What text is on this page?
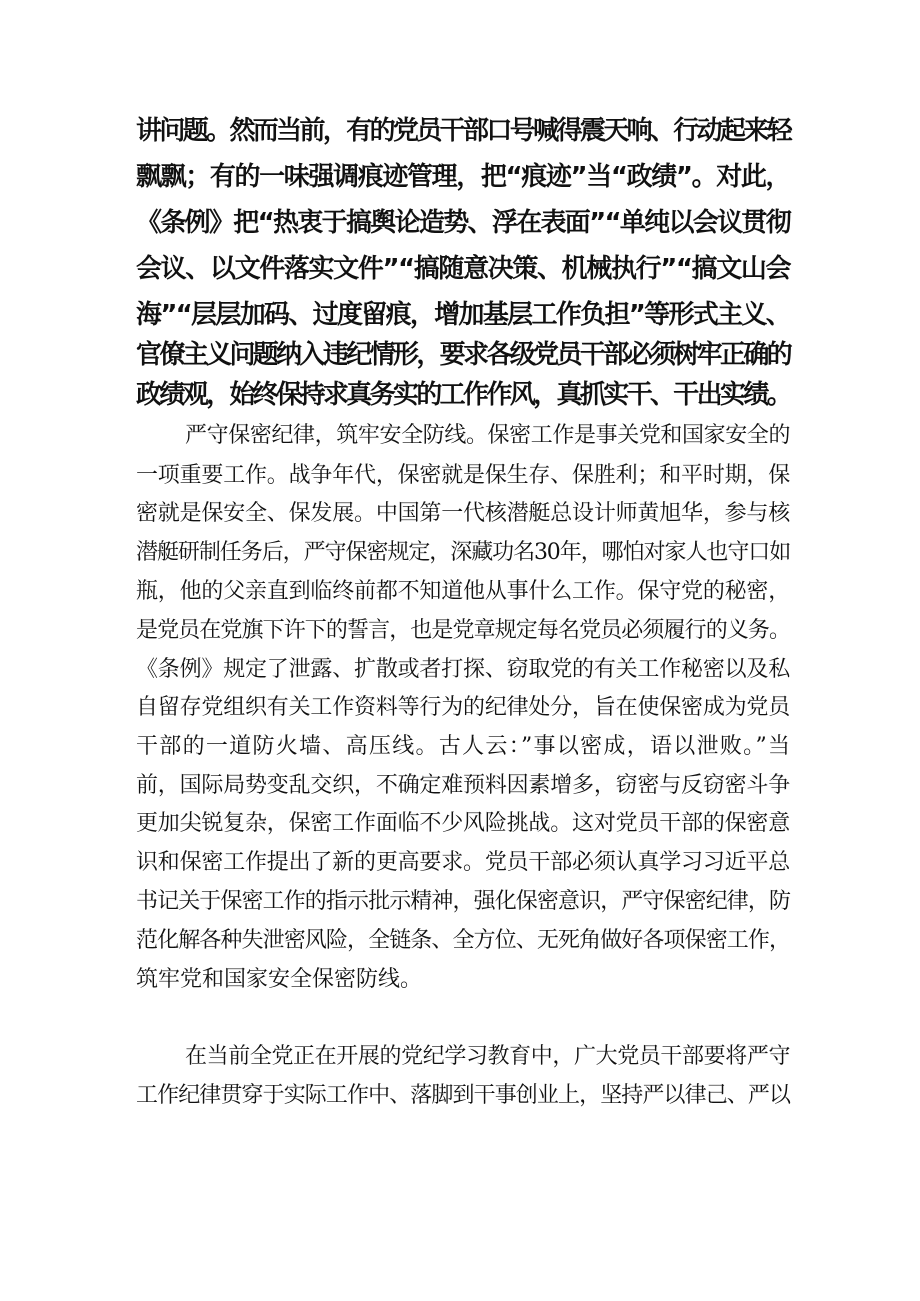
讲问题。然而当前，有的党员干部口号喊得震天响、行动起来轻
飘飘；有的一味强调痕迹管理，把“痕迹”当“政绩”。对此，
《条例》把“热衷于搞舆论造势、浮在表面”“单纯以会议贯彻
会议、以文件落实文件”“搞随意决策、机械执行”“搞文山会
海”“层层加码、过度留痕，增加基层工作负担”等形式主义、
官僚主义问题纳入违纪情形，要求各级党员干部必须树牢正确的
政绩观，始终保持求真务实的工作作风，真抓实干、干出实绩。
严守保密纪律，筑牢安全防线。保密工作是事关党和国家安全的
一项重要工作。战争年代，保密就是保生存、保胜利；和平时期，保
密就是保安全、保发展。中国第一代核潜艇总设计师黄旭华，参与核
潜艇研制任务后，严守保密规定，深藏功名30年，哪怕对家人也守口如
瓶，他的父亲直到临终前都不知道他从事什么工作。保守党的秘密，
是党员在党旗下许下的誓言，也是党章规定每名党员必须履行的义务。
《条例》规定了泄露、扩散或者打探、窃取党的有关工作秘密以及私
自留存党组织有关工作资料等行为的纪律处分，旨在使保密成为党员
干部的一道防火墙、高压线。古人云：”事以密成，语以泄败。”当
前，国际局势变乱交织，不确定难预料因素增多，窃密与反窃密斗争
更加尖锐复杂，保密工作面临不少风险挑战。这对党员干部的保密意
识和保密工作提出了新的更高要求。党员干部必须认真学习习近平总
书记关于保密工作的指示批示精神，强化保密意识，严守保密纪律，防
范化解各种失泄密风险，全链条、全方位、无死角做好各项保密工作，
筑牢党和国家安全保密防线。
在当前全党正在开展的党纪学习教育中，广大党员干部要将严守
工作纪律贯穿于实际工作中、落脚到干事创业上，坚持严以律己、严以
